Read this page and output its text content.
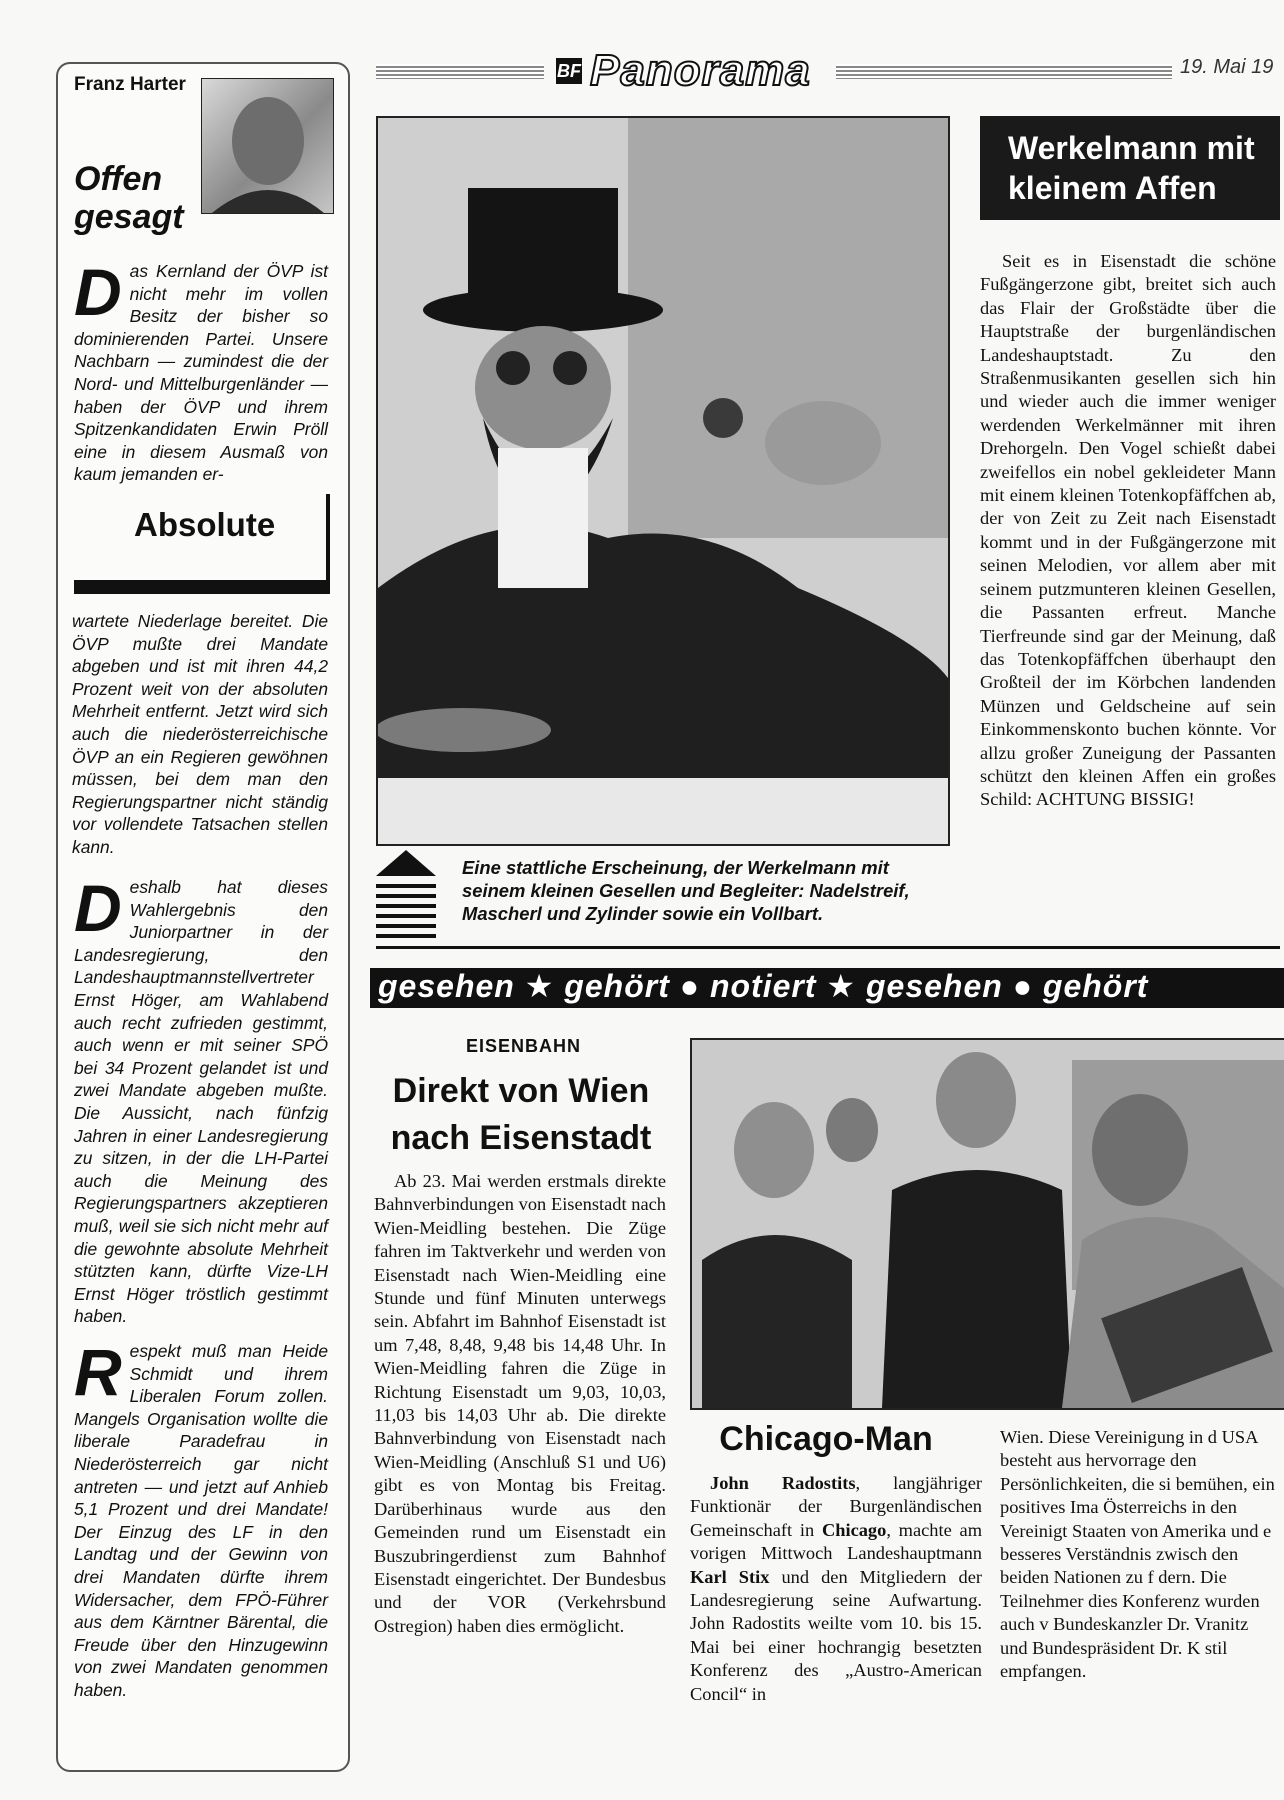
Franz Harter
Offen
gesagt

Das Kernland der ÖVP ist nicht mehr im vollen Besitz der bisher so dominierenden Partei. Unsere Nachbarn — zumindest die der Nord- und Mittelburgenländer — haben der ÖVP und ihrem Spitzenkandidaten Erwin Pröll eine in diesem Ausmaß von kaum jemanden er-

Absolute

wartete Niederlage bereitet. Die ÖVP mußte drei Mandate abgeben und ist mit ihren 44,2 Prozent weit von der absoluten Mehrheit entfernt. Jetzt wird sich auch die niederösterreichische ÖVP an ein Regieren gewöhnen müssen, bei dem man den Regierungspartner nicht ständig vor vollendete Tatsachen stellen kann.

Deshalb hat dieses Wahlergebnis den Juniorpartner in der Landesregierung, den Landeshauptmannstellvertreter Ernst Höger, am Wahlabend auch recht zufrieden gestimmt, auch wenn er mit seiner SPÖ bei 34 Prozent gelandet ist und zwei Mandate abgeben mußte. Die Aussicht, nach fünfzig Jahren in einer Landesregierung zu sitzen, in der die LH-Partei auch die Meinung des Regierungspartners akzeptieren muß, weil sie sich nicht mehr auf die gewohnte absolute Mehrheit stützten kann, dürfte Vize-LH Ernst Höger tröstlich gestimmt haben.

Respekt muß man Heide Schmidt und ihrem Liberalen Forum zollen. Mangels Organisation wollte die liberale Paradefrau in Niederösterreich gar nicht antreten — und jetzt auf Anhieb 5,1 Prozent und drei Mandate! Der Einzug des LF in den Landtag und der Gewinn von drei Mandaten dürfte ihrem Widersacher, dem FPÖ-Führer aus dem Kärntner Bärental, die Freude über den Hinzugewinn von zwei Mandaten genommen haben.

BF Panorama	19. Mai 19
Eine stattliche Erscheinung, der Werkelmann mit seinem kleinen Gesellen und Begleiter: Nadelstreif, Mascherl und Zylinder sowie ein Vollbart.
Werkelmann mit
kleinem Affen

Seit es in Eisenstadt die schöne Fußgängerzone gibt, breitet sich auch das Flair der Großstädte über die Hauptstraße der burgenländischen Landeshauptstadt. Zu den Straßenmusikanten gesellen sich hin und wieder auch die immer weniger werdenden Werkelmänner mit ihren Drehorgeln. Den Vogel schießt dabei zweifellos ein nobel gekleideter Mann mit einem kleinen Totenkopfäffchen ab, der von Zeit zu Zeit nach Eisenstadt kommt und in der Fußgängerzone mit seinen Melodien, vor allem aber mit seinem putzmunteren kleinen Gesellen, die Passanten erfreut. Manche Tierfreunde sind gar der Meinung, daß das Totenkopfäffchen überhaupt den Großteil der im Körbchen landenden Münzen und Geldscheine auf sein Einkommenskonto buchen könnte. Vor allzu großer Zuneigung der Passanten schützt den kleinen Affen ein großes Schild: ACHTUNG BISSIG!

gesehen ★ gehört ● notiert ★ gesehen ● gehört
EISENBAHN
Direkt von Wien
nach Eisenstadt

Ab 23. Mai werden erstmals direkte Bahnverbindungen von Eisenstadt nach Wien-Meidling bestehen. Die Züge fahren im Taktverkehr und werden von Eisenstadt nach Wien-Meidling eine Stunde und fünf Minuten unterwegs sein. Abfahrt im Bahnhof Eisenstadt ist um 7,48, 8,48, 9,48 bis 14,48 Uhr. In Wien-Meidling fahren die Züge in Richtung Eisenstadt um 9,03, 10,03, 11,03 bis 14,03 Uhr ab. Die direkte Bahnverbindung von Eisenstadt nach Wien-Meidling (Anschluß S1 und U6) gibt es von Montag bis Freitag. Darüberhinaus wurde aus den Gemeinden rund um Eisenstadt ein Buszubringerdienst zum Bahnhof Eisenstadt eingerichtet. Der Bundesbus und der VOR (Verkehrsbund Ostregion) haben dies ermöglicht.

Chicago-Man

John Radostits, langjähriger Funktionär der Burgenländischen Gemeinschaft in Chicago, machte am vorigen Mittwoch Landeshauptmann Karl Stix und den Mitgliedern der Landesregierung seine Aufwartung. John Radostits weilte vom 10. bis 15. Mai bei einer hochrangig besetzten Konferenz des „Austro-American Concil“ in

Wien. Diese Vereinigung in d USA besteht aus hervorrage den Persönlichkeiten, die si bemühen, ein positives Ima Österreichs in den Vereinigt Staaten von Amerika und e besseres Verständnis zwisch den beiden Nationen zu f dern. Die Teilnehmer dies Konferenz wurden auch v Bundeskanzler Dr. Vranitz und Bundespräsident Dr. K stil empfangen.
